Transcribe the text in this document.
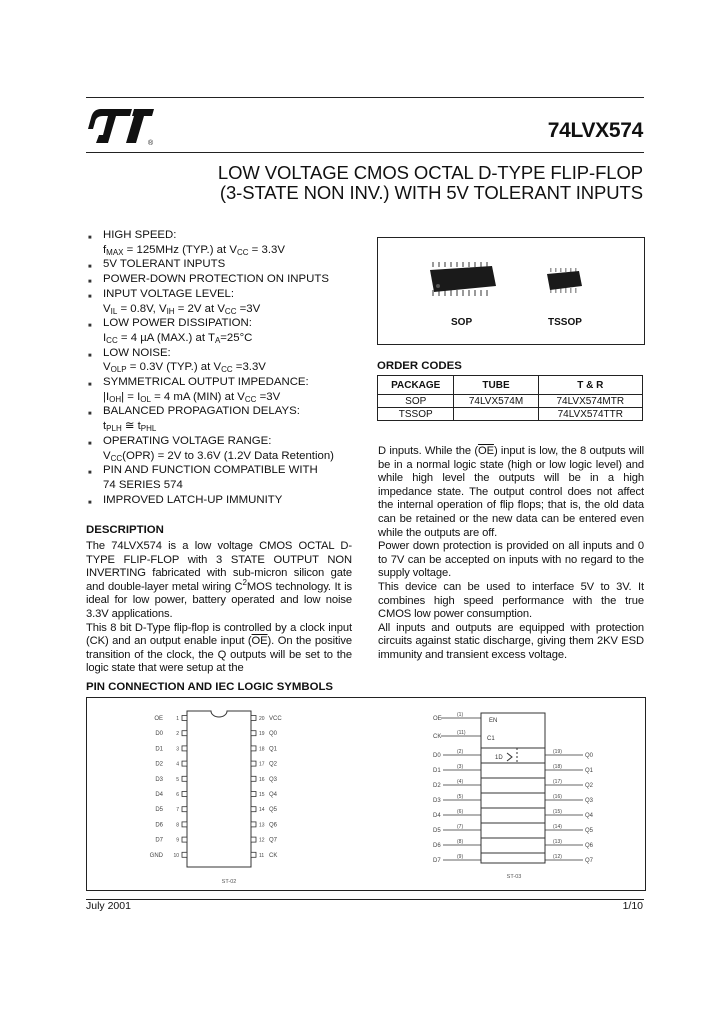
®
74LVX574
LOW VOLTAGE CMOS OCTAL D-TYPE FLIP-FLOP
(3-STATE NON INV.) WITH 5V TOLERANT INPUTS
■ HIGH SPEED:
$f_{MAX} = 125MHz$ (TYP.) at $V_{CC} = 3.3V$
■ 5V TOLERANT INPUTS
■ POWER-DOWN PROTECTION ON INPUTS
■ INPUT VOLTAGE LEVEL:
$V_{IL} = 0.8V$, $V_{IH} = 2V$ at $V_{CC} =3V$
■ LOW POWER DISSIPATION:
$I_{CC} = 4$ µA (MAX.) at $T_A=25^\circ C$
■ LOW NOISE:
$V_{OLP} = 0.3V$ (TYP.) at $V_{CC} =3.3V$
■ SYMMETRICAL OUTPUT IMPEDANCE:
$|I_{OH}| = I_{OL} = 4$ mA (MIN) at $V_{CC} =3V$
■ BALANCED PROPAGATION DELAYS:
$t_{PLH}$ ≅ $t_{PHL}$
■ OPERATING VOLTAGE RANGE:
$V_{CC}(OPR) = 2V$ to 3.6V (1.2V Data Retention)
■ PIN AND FUNCTION COMPATIBLE WITH
74 SERIES 574
■ IMPROVED LATCH-UP IMMUNITY
SOP	TSSOP
ORDER CODES
PACKAGE	TUBE	T & R
SOP	74LVX574M	74LVX574MTR
TSSOP		74LVX574TTR
DESCRIPTION
The 74LVX574 is a low voltage CMOS OCTAL D-TYPE FLIP-FLOP with 3 STATE OUTPUT NON INVERTING fabricated with sub-micron silicon gate and double-layer metal wiring $C^2MOS$ technology. It is ideal for low power, battery operated and low noise 3.3V applications.
This 8 bit D-Type flip-flop is controlled by a clock input (CK) and an output enable input $(\overline{OE})$. On the positive transition of the clock, the Q outputs will be set to the logic state that were setup at the
D inputs. While the $(\overline{OE})$ input is low, the 8 outputs will be in a normal logic state (high or low logic level) and while high level the outputs will be in a high impedance state. The output control does not affect the internal operation of flip flops; that is, the old data can be retained or the new data can be entered even while the outputs are off.
Power down protection is provided on all inputs and 0 to 7V can be accepted on inputs with no regard to the supply voltage.
This device can be used to interface 5V to 3V. It combines high speed performance with the true CMOS low power consumption.
All inputs and outputs are equipped with protection circuits against static discharge, giving them 2KV ESD immunity and transient excess voltage.
PIN CONNECTION AND IEC LOGIC SYMBOLS
OE	1
D0	2
D1	3
D2	4
D3	5
D4	6
D5	7
D6	8
D7	9
GND 10
20 VCC
19 Q0
18 Q1
17 Q2
16 Q3
15 Q4
14 Q5
13 Q6
12 Q7
11 CK
ST-02
EN
C1
1D
OE
(1)
CK
(11)
D0
(2)
D1
(3)
D2
(4)
D3
(5)
D4
(6)
D5
(7)
D6
(8)
D7
(9)
(19)
Q0
(18)
Q1
(17)
Q2
(16)
Q3
(15)
Q4
(14)
Q5
(13)
Q6
(12)
Q7
ST-03
July 2001	1/10
